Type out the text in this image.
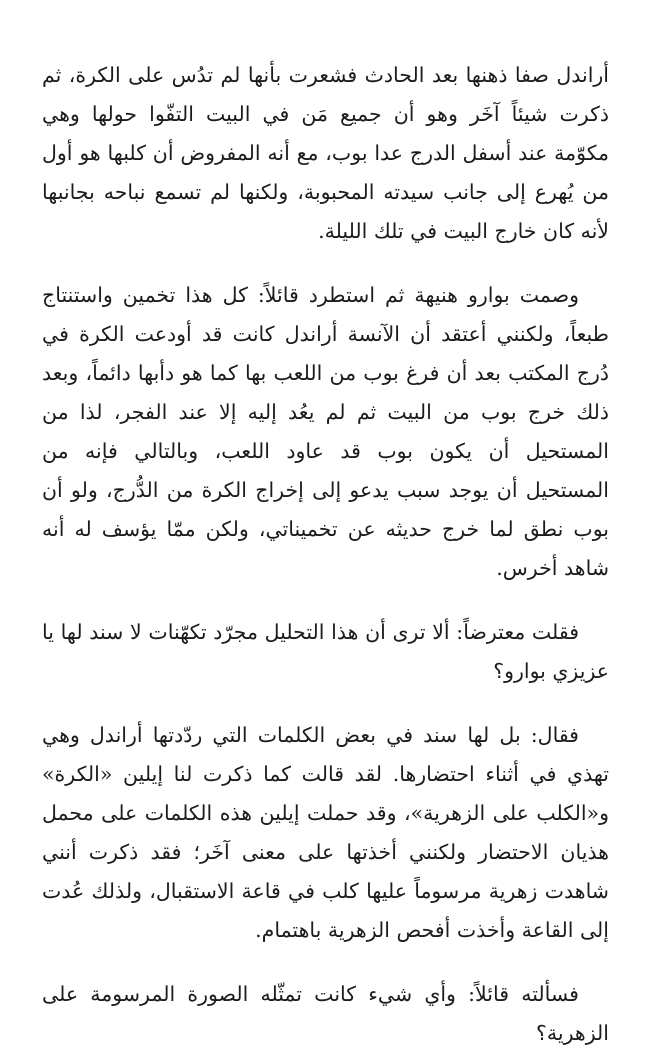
أراندل صفا ذهنها بعد الحادث فشعرت بأنها لم تدُس على الكرة، ثم ذكرت شيئاً آخَر وهو أن جميع مَن في البيت التفّوا حولها وهي مكوّمة عند أسفل الدرج عدا بوب، مع أنه المفروض أن كلبها هو أول من يُهرع إلى جانب سيدته المحبوبة، ولكنها لم تسمع نباحه بجانبها لأنه كان خارج البيت في تلك الليلة.

وصمت بوارو هنيهة ثم استطرد قائلاً: كل هذا تخمين واستنتاج طبعاً، ولكنني أعتقد أن الآنسة أراندل كانت قد أودعت الكرة في دُرج المكتب بعد أن فرغ بوب من اللعب بها كما هو دأبها دائماً، وبعد ذلك خرج بوب من البيت ثم لم يعُد إليه إلا عند الفجر، لذا من المستحيل أن يكون بوب قد عاود اللعب، وبالتالي فإنه من المستحيل أن يوجد سبب يدعو إلى إخراج الكرة من الدُّرج، ولو أن بوب نطق لما خرج حديثه عن تخميناتي، ولكن ممّا يؤسف له أنه شاهد أخرس.

فقلت معترضاً: ألا ترى أن هذا التحليل مجرّد تكهّنات لا سند لها يا عزيزي بوارو؟

فقال: بل لها سند في بعض الكلمات التي ردّدتها أراندل وهي تهذي في أثناء احتضارها. لقد قالت كما ذكرت لنا إيلين «الكرة» و«الكلب على الزهرية»، وقد حملت إيلين هذه الكلمات على محمل هذيان الاحتضار ولكنني أخذتها على معنى آخَر؛ فقد ذكرت أنني شاهدت زهرية مرسوماً عليها كلب في قاعة الاستقبال، ولذلك عُدت إلى القاعة وأخذت أفحص الزهرية باهتمام.

فسألته قائلاً: وأي شيء كانت تمثّله الصورة المرسومة على الزهرية؟
